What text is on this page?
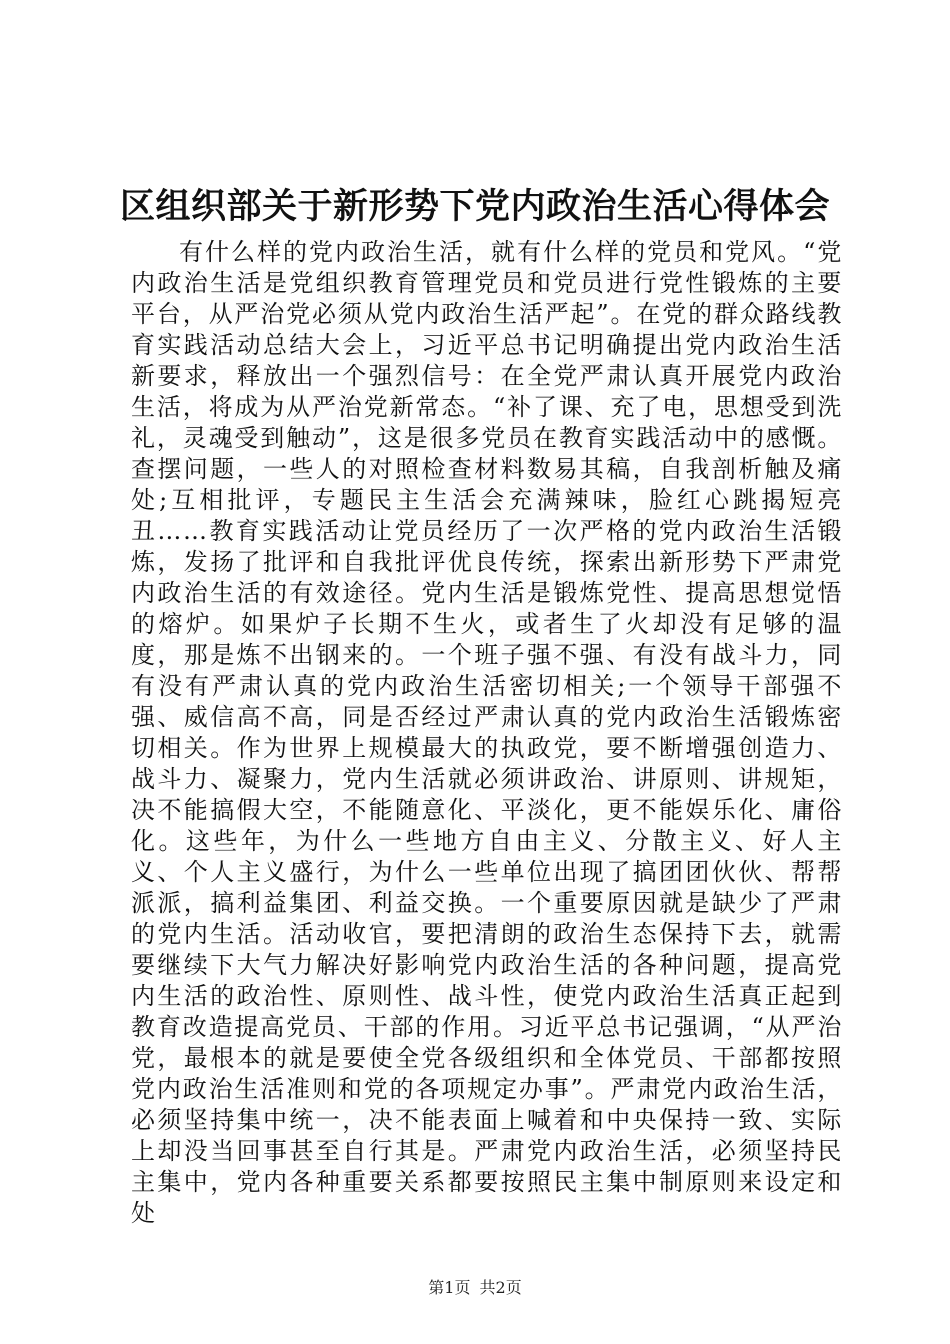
区组织部关于新形势下党内政治生活心得体会

有什么样的党内政治生活，就有什么样的党员和党风。“党内政治生活是党组织教育管理党员和党员进行党性锻炼的主要平台，从严治党必须从党内政治生活严起”。在党的群众路线教育实践活动总结大会上，习近平总书记明确提出党内政治生活新要求，释放出一个强烈信号：在全党严肃认真开展党内政治生活，将成为从严治党新常态。“补了课、充了电，思想受到洗礼，灵魂受到触动”，这是很多党员在教育实践活动中的感慨。查摆问题，一些人的对照检查材料数易其稿，自我剖析触及痛处;互相批评，专题民主生活会充满辣味，脸红心跳揭短亮丑……教育实践活动让党员经历了一次严格的党内政治生活锻炼，发扬了批评和自我批评优良传统，探索出新形势下严肃党内政治生活的有效途径。党内生活是锻炼党性、提高思想觉悟的熔炉。如果炉子长期不生火，或者生了火却没有足够的温度，那是炼不出钢来的。一个班子强不强、有没有战斗力，同有没有严肃认真的党内政治生活密切相关;一个领导干部强不强、威信高不高，同是否经过严肃认真的党内政治生活锻炼密切相关。作为世界上规模最大的执政党，要不断增强创造力、战斗力、凝聚力，党内生活就必须讲政治、讲原则、讲规矩，决不能搞假大空，不能随意化、平淡化，更不能娱乐化、庸俗化。这些年，为什么一些地方自由主义、分散主义、好人主义、个人主义盛行，为什么一些单位出现了搞团团伙伙、帮帮派派，搞利益集团、利益交换。一个重要原因就是缺少了严肃的党内生活。活动收官，要把清朗的政治生态保持下去，就需要继续下大气力解决好影响党内政治生活的各种问题，提高党内生活的政治性、原则性、战斗性，使党内政治生活真正起到教育改造提高党员、干部的作用。习近平总书记强调，“从严治党，最根本的就是要使全党各级组织和全体党员、干部都按照党内政治生活准则和党的各项规定办事”。严肃党内政治生活，必须坚持集中统一，决不能表面上喊着和中央保持一致、实际上却没当回事甚至自行其是。严肃党内政治生活，必须坚持民主集中，党内各种重要关系都要按照民主集中制原则来设定和处

第1页 共2页
